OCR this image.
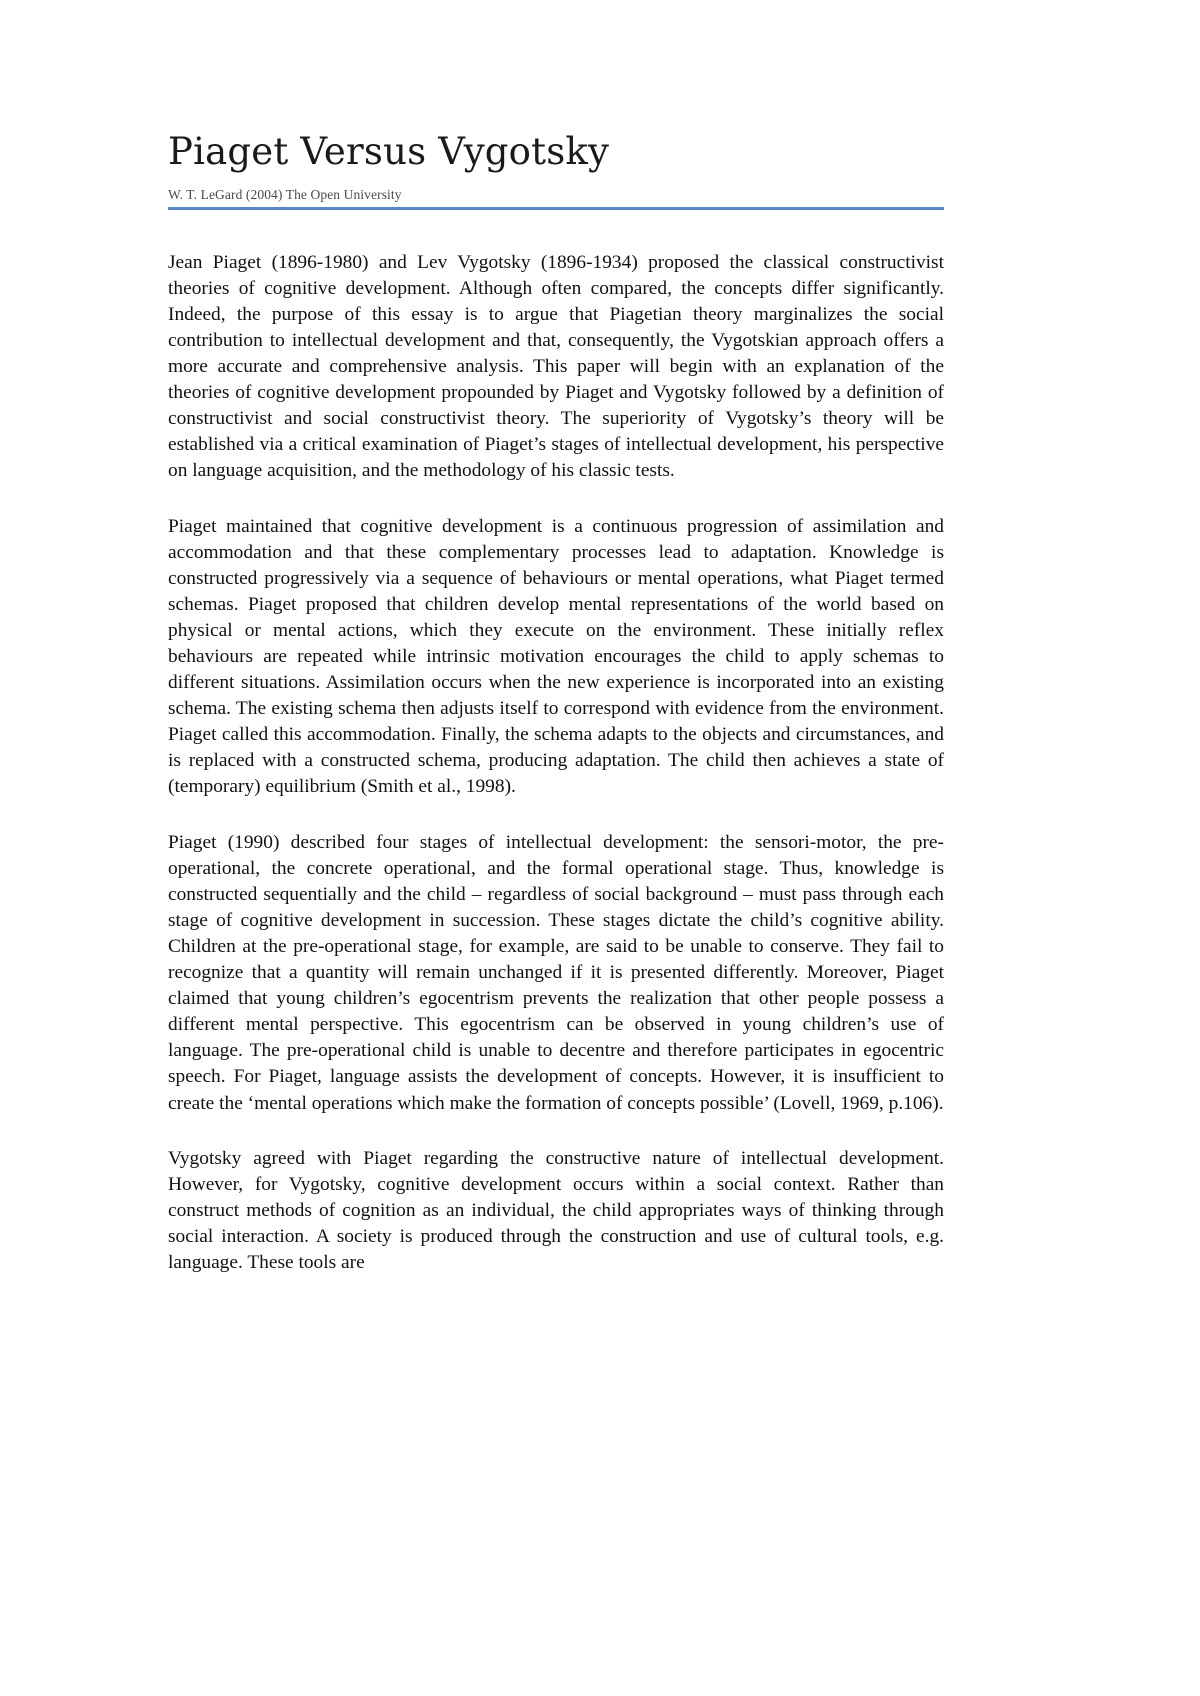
Piaget Versus Vygotsky
W. T. LeGard (2004) The Open University

Jean Piaget (1896-1980) and Lev Vygotsky (1896-1934) proposed the classical constructivist theories of cognitive development. Although often compared, the concepts differ significantly. Indeed, the purpose of this essay is to argue that Piagetian theory marginalizes the social contribution to intellectual development and that, consequently, the Vygotskian approach offers a more accurate and comprehensive analysis. This paper will begin with an explanation of the theories of cognitive development propounded by Piaget and Vygotsky followed by a definition of constructivist and social constructivist theory. The superiority of Vygotsky’s theory will be established via a critical examination of Piaget’s stages of intellectual development, his perspective on language acquisition, and the methodology of his classic tests.

Piaget maintained that cognitive development is a continuous progression of assimilation and accommodation and that these complementary processes lead to adaptation. Knowledge is constructed progressively via a sequence of behaviours or mental operations, what Piaget termed schemas. Piaget proposed that children develop mental representations of the world based on physical or mental actions, which they execute on the environment. These initially reflex behaviours are repeated while intrinsic motivation encourages the child to apply schemas to different situations. Assimilation occurs when the new experience is incorporated into an existing schema. The existing schema then adjusts itself to correspond with evidence from the environment. Piaget called this accommodation. Finally, the schema adapts to the objects and circumstances, and is replaced with a constructed schema, producing adaptation. The child then achieves a state of (temporary) equilibrium (Smith et al., 1998).

Piaget (1990) described four stages of intellectual development: the sensori-motor, the pre-operational, the concrete operational, and the formal operational stage. Thus, knowledge is constructed sequentially and the child – regardless of social background – must pass through each stage of cognitive development in succession. These stages dictate the child’s cognitive ability. Children at the pre-operational stage, for example, are said to be unable to conserve. They fail to recognize that a quantity will remain unchanged if it is presented differently. Moreover, Piaget claimed that young children’s egocentrism prevents the realization that other people possess a different mental perspective. This egocentrism can be observed in young children’s use of language. The pre-operational child is unable to decentre and therefore participates in egocentric speech. For Piaget, language assists the development of concepts. However, it is insufficient to create the ‘mental operations which make the formation of concepts possible’ (Lovell, 1969, p.106).

Vygotsky agreed with Piaget regarding the constructive nature of intellectual development. However, for Vygotsky, cognitive development occurs within a social context. Rather than construct methods of cognition as an individual, the child appropriates ways of thinking through social interaction. A society is produced through the construction and use of cultural tools, e.g. language. These tools are
